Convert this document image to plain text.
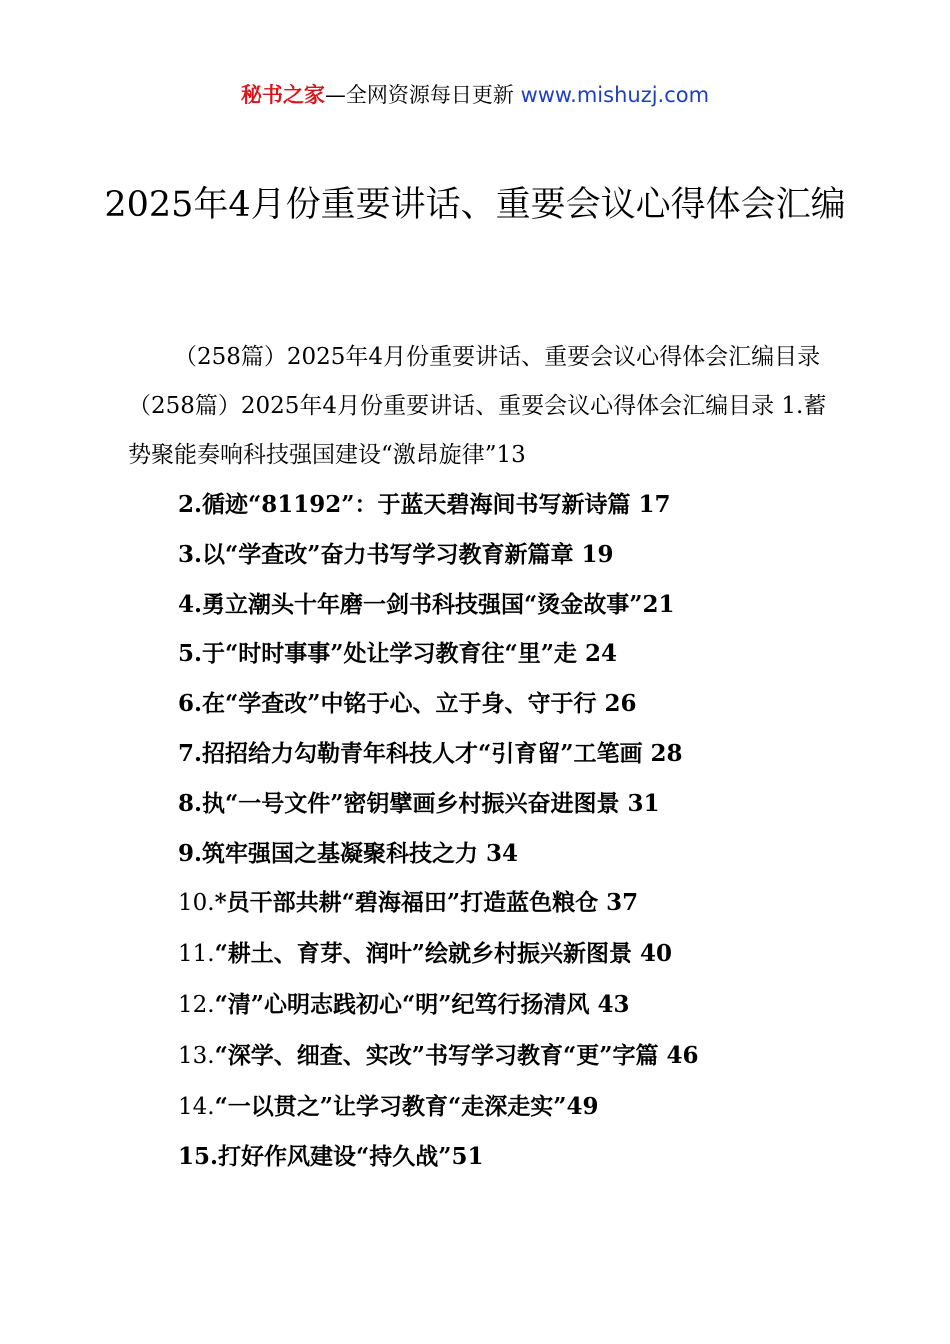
秘书之家—全网资源每日更新 www.mishuzj.com
2025年4月份重要讲话、重要会议心得体会汇编

（258篇）2025年4月份重要讲话、重要会议心得体会汇编目录（258篇）2025年4月份重要讲话、重要会议心得体会汇编目录 1.蓄势聚能奏响科技强国建设“激昂旋律”13

2.循迹“81192”：于蓝天碧海间书写新诗篇 17
3.以“学查改”奋力书写学习教育新篇章 19
4.勇立潮头十年磨一剑书科技强国“烫金故事”21
5.于“时时事事”处让学习教育往“里”走 24
6.在“学查改”中铭于心、立于身、守于行 26
7.招招给力勾勒青年科技人才“引育留”工笔画 28
8.执“一号文件”密钥擘画乡村振兴奋进图景 31
9.筑牢强国之基凝聚科技之力 34
10.*员干部共耕“碧海福田”打造蓝色粮仓 37
11.“耕土、育芽、润叶”绘就乡村振兴新图景 40
12.“清”心明志践初心“明”纪笃行扬清风 43
13.“深学、细查、实改”书写学习教育“更”字篇 46
14.“一以贯之”让学习教育“走深走实”49
15.打好作风建设“持久战”51
